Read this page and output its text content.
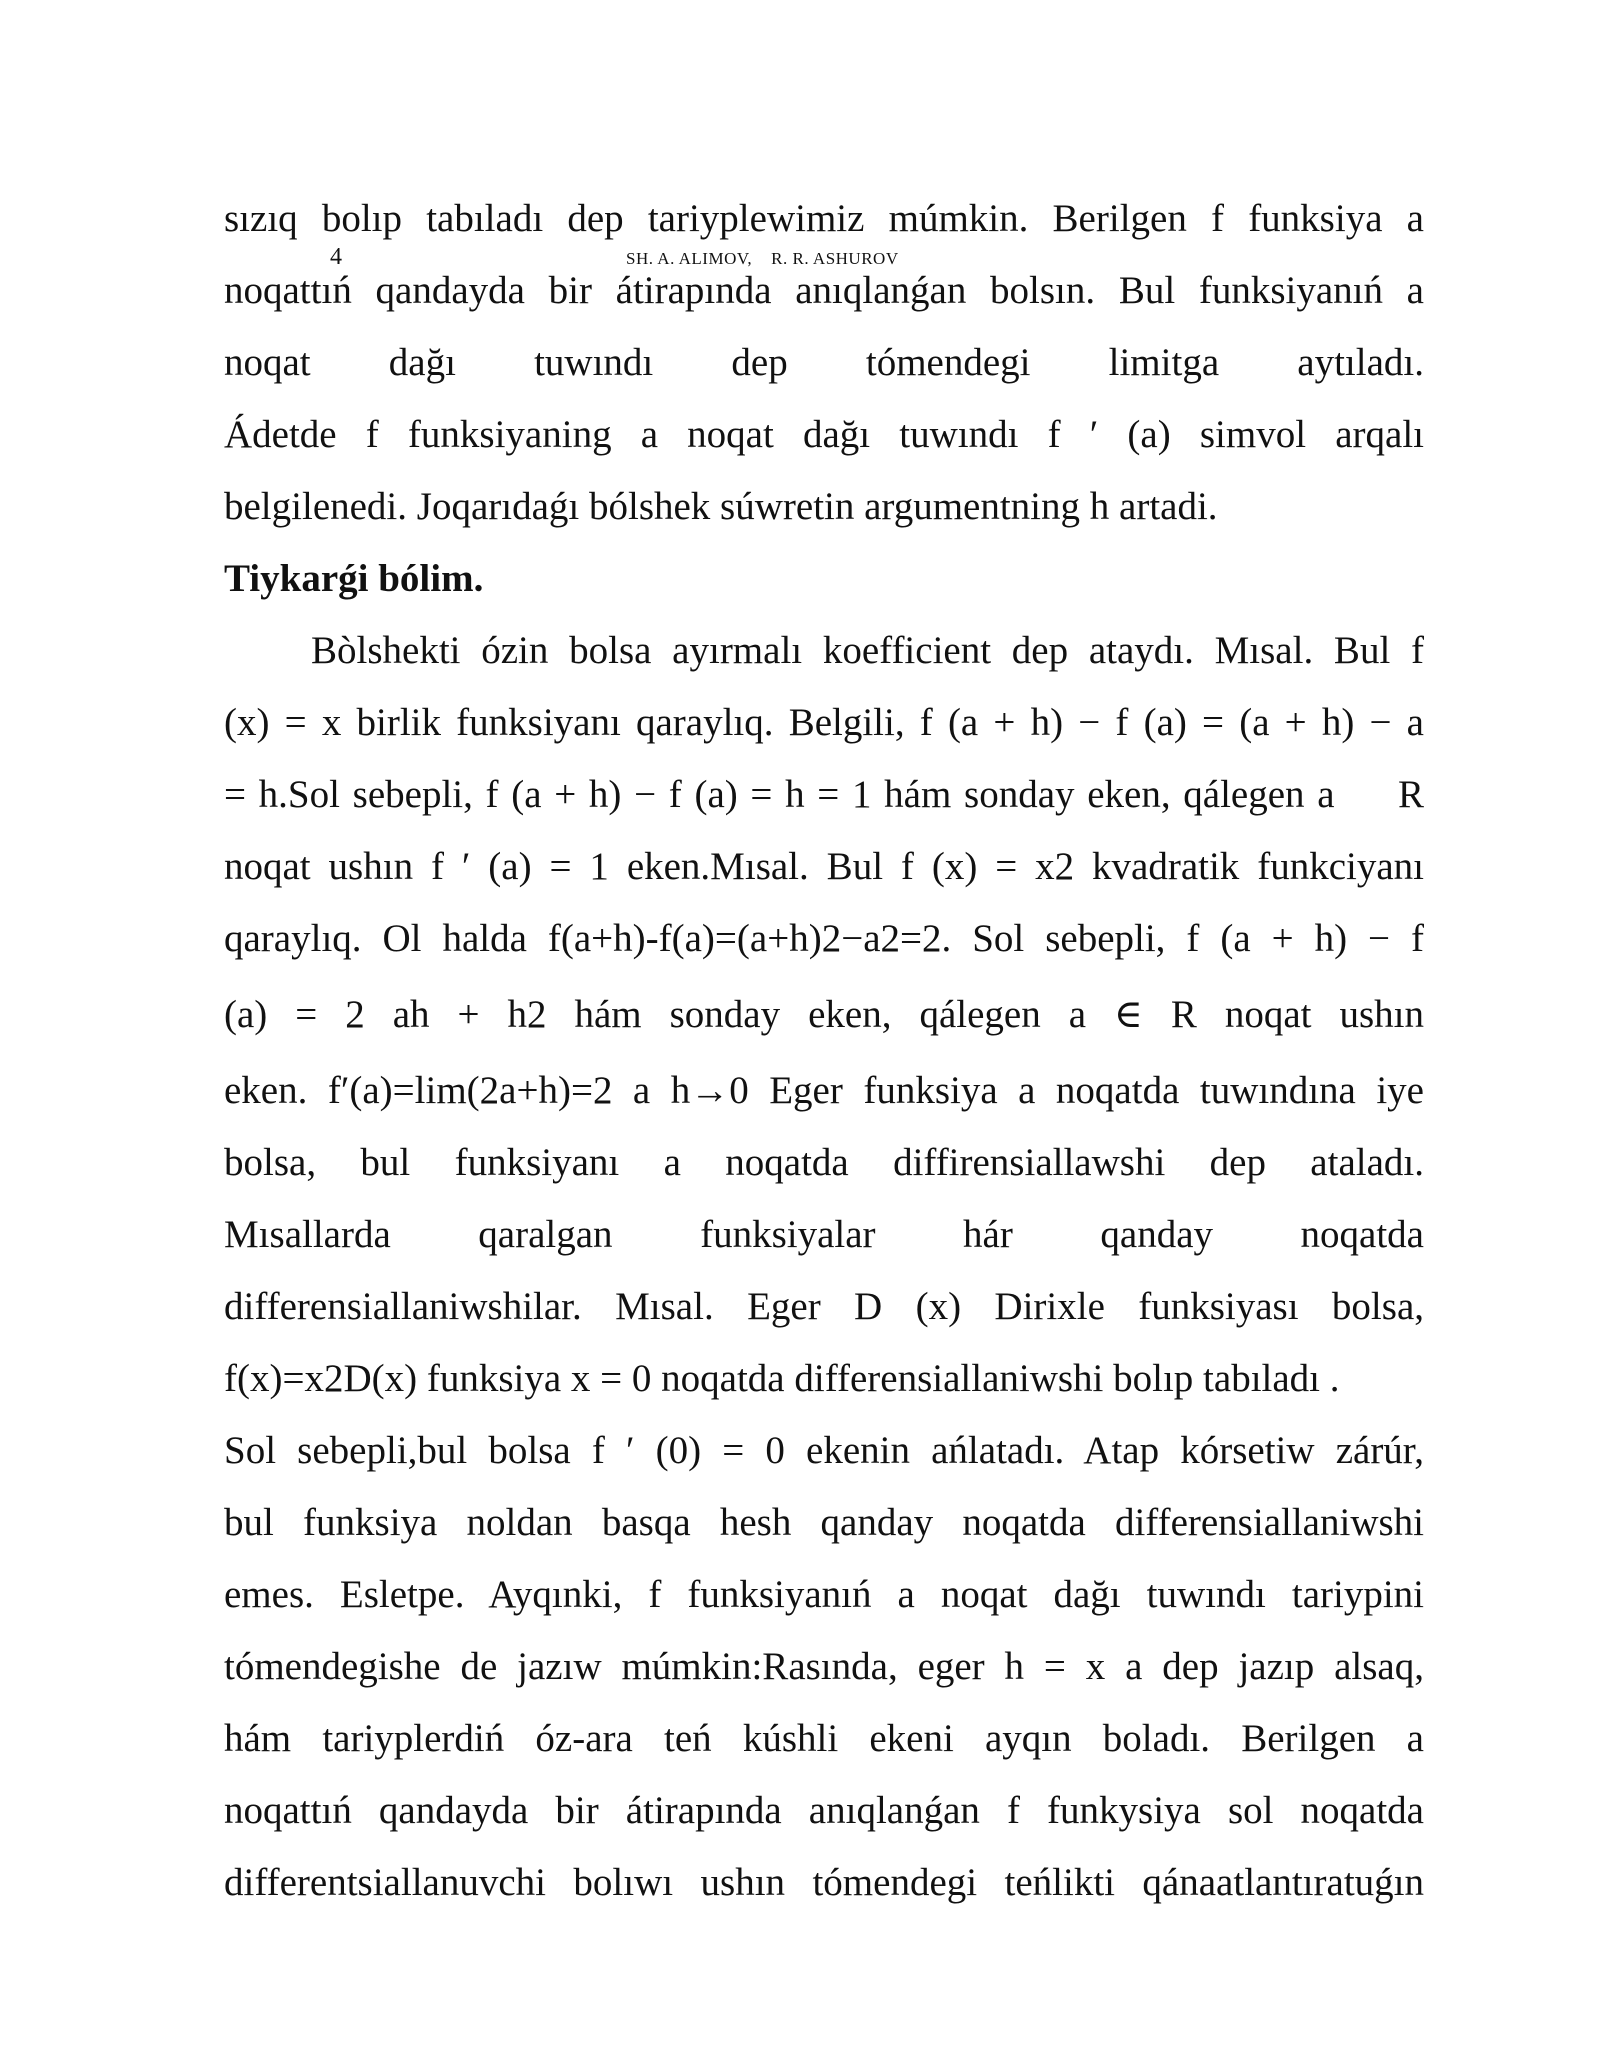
4	SH. A. ALIMOV,    R. R. ASHUROV
sızıq bolıp tabıladı dep tariyplewimiz múmkin. Berilgen f funksiya a
noqattıń qandayda bir átirapında anıqlanǵan bolsın. Bul funksiyanıń a
noqat dağı tuwındı dep tómendegi limitga aytıladı.
Ádetde f funksiyaning a noqat dağı tuwındı f ′ (a) simvol arqalı
belgilenedi. Joqarıdaǵı bólshek súwretin argumentning h artadi.
Tiykarǵi bólim.
Bòlshekti ózin bolsa ayırmalı koefficient dep ataydı. Mısal. Bul f
(x) = x birlik funksiyanı qaraylıq. Belgili, f (a + h) − f (a) = (a + h) − a
= h.Sol sebepli, f (a + h) − f (a) = h = 1 hám sonday eken, qálegen a     R
noqat ushın f ′ (a) = 1 eken.Mısal. Bul f (x) = x2 kvadratik funkciyanı
qaraylıq. Ol halda f(a+h)-f(a)=(a+h)2−a2=2. Sol sebepli, f (a + h) − f
(a) = 2 ah + h2 hám sonday eken, qálegen a ∈ R noqat ushın
eken. f′(a)=lim(2a+h)=2 a h→0 Eger funksiya a noqatda tuwındına iye
bolsa, bul funksiyanı a noqatda diffirensiallawshi dep ataladı.
Mısallarda qaralgan funksiyalar hár qanday noqatda
differensiallaniwshilar. Mısal. Eger D (x) Dirixle funksiyası bolsa,
f(x)=x2D(x) funksiya x = 0 noqatda differensiallaniwshi bolıp tabıladı .
Sol sebepli,bul bolsa f ′ (0) = 0 ekenin ańlatadı. Atap kórsetiw zárúr,
bul funksiya noldan basqa hesh qanday noqatda differensiallaniwshi
emes. Esletpe. Ayqınki, f funksiyanıń a noqat dağı tuwındı tariypini
tómendegishe de jazıw múmkin:Rasında, eger h = x a dep jazıp alsaq,
hám tariyplerdiń óz-ara teń kúshli ekeni ayqın boladı. Berilgen a
noqattıń qandayda bir átirapında anıqlanǵan f funkysiya sol noqatda
differentsiallanuvchi bolıwı ushın tómendegi teńlikti qánaatlantıratuǵın
